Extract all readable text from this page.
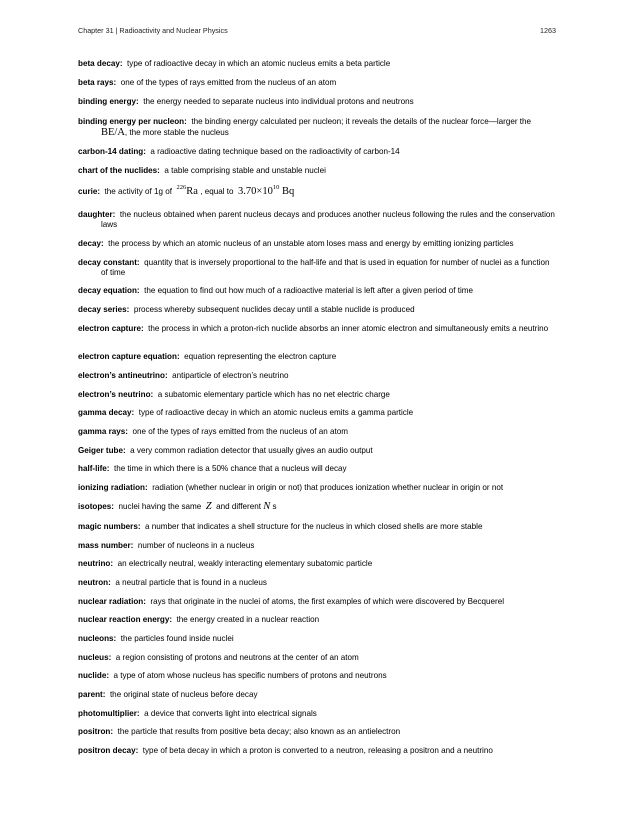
Chapter 31 | Radioactivity and Nuclear Physics	1263

beta decay: type of radioactive decay in which an atomic nucleus emits a beta particle

beta rays: one of the types of rays emitted from the nucleus of an atom

binding energy: the energy needed to separate nucleus into individual protons and neutrons

binding energy per nucleon: the binding energy calculated per nucleon; it reveals the details of the nuclear force—larger the BE/A, the more stable the nucleus

carbon-14 dating: a radioactive dating technique based on the radioactivity of carbon-14

chart of the nuclides: a table comprising stable and unstable nuclei

curie: the activity of 1g of $^{226}$Ra , equal to $3.70\times 10^{10}$ Bq

daughter: the nucleus obtained when parent nucleus decays and produces another nucleus following the rules and the conservation laws

decay: the process by which an atomic nucleus of an unstable atom loses mass and energy by emitting ionizing particles

decay constant: quantity that is inversely proportional to the half-life and that is used in equation for number of nuclei as a function of time

decay equation: the equation to find out how much of a radioactive material is left after a given period of time

decay series: process whereby subsequent nuclides decay until a stable nuclide is produced

electron capture: the process in which a proton-rich nuclide absorbs an inner atomic electron and simultaneously emits a neutrino

electron capture equation: equation representing the electron capture

electron’s antineutrino: antiparticle of electron’s neutrino

electron’s neutrino: a subatomic elementary particle which has no net electric charge

gamma decay: type of radioactive decay in which an atomic nucleus emits a gamma particle

gamma rays: one of the types of rays emitted from the nucleus of an atom

Geiger tube: a very common radiation detector that usually gives an audio output

half-life: the time in which there is a 50% chance that a nucleus will decay

ionizing radiation: radiation (whether nuclear in origin or not) that produces ionization whether nuclear in origin or not

isotopes: nuclei having the same Z and different N s

magic numbers: a number that indicates a shell structure for the nucleus in which closed shells are more stable

mass number: number of nucleons in a nucleus

neutrino: an electrically neutral, weakly interacting elementary subatomic particle

neutron: a neutral particle that is found in a nucleus

nuclear radiation: rays that originate in the nuclei of atoms, the first examples of which were discovered by Becquerel

nuclear reaction energy: the energy created in a nuclear reaction

nucleons: the particles found inside nuclei

nucleus: a region consisting of protons and neutrons at the center of an atom

nuclide: a type of atom whose nucleus has specific numbers of protons and neutrons

parent: the original state of nucleus before decay

photomultiplier: a device that converts light into electrical signals

positron: the particle that results from positive beta decay; also known as an antielectron

positron decay: type of beta decay in which a proton is converted to a neutron, releasing a positron and a neutrino
